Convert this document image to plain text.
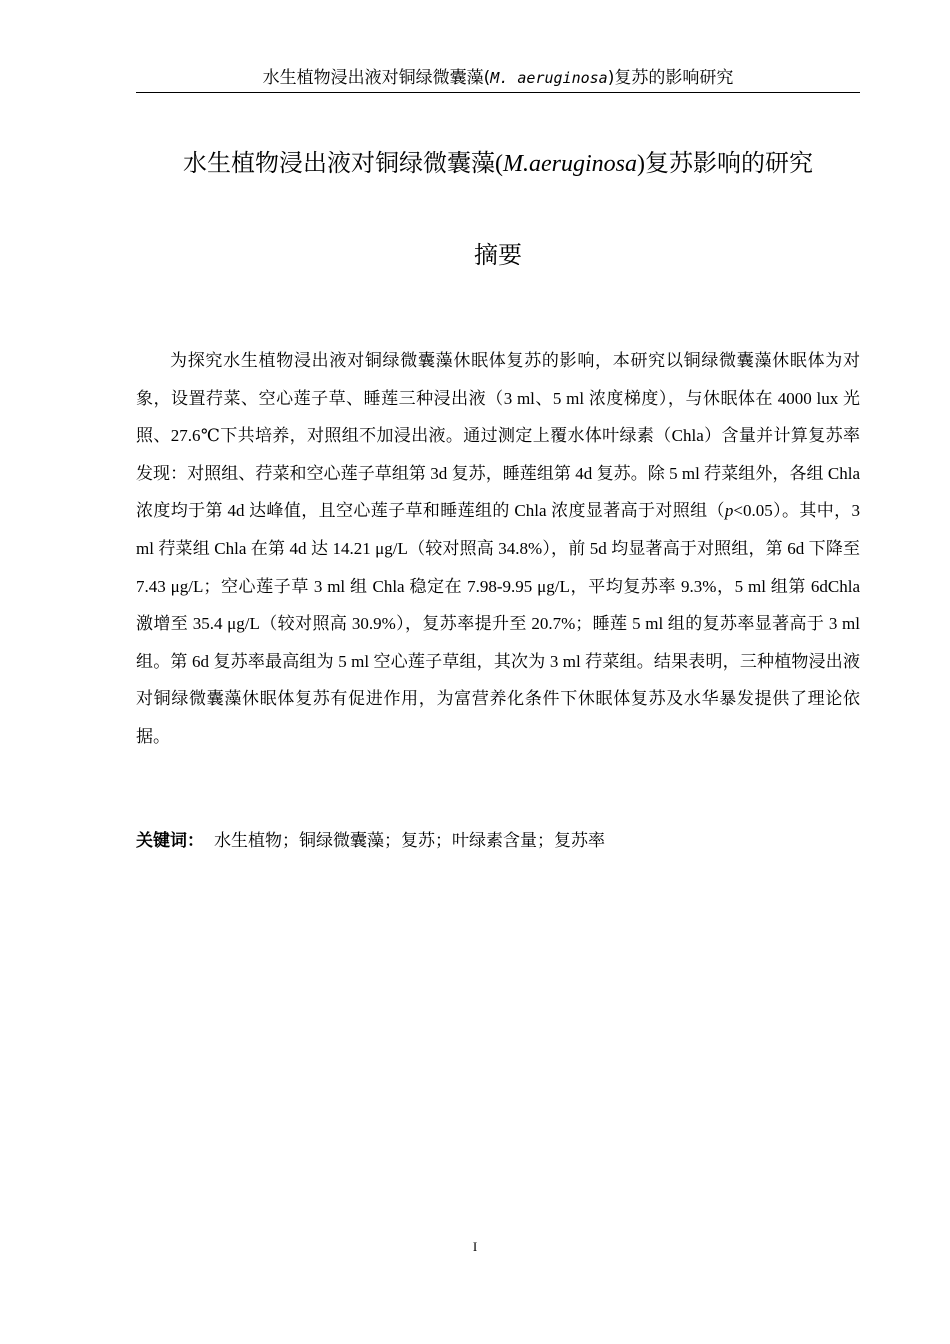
水生植物浸出液对铜绿微囊藻(M. aeruginosa)复苏的影响研究
水生植物浸出液对铜绿微囊藻(M.aeruginosa)复苏影响的研究
摘要

为探究水生植物浸出液对铜绿微囊藻休眠体复苏的影响，本研究以铜绿微囊藻休眠体为对象，设置荇菜、空心莲子草、睡莲三种浸出液（3 ml、5 ml 浓度梯度），与休眠体在 4000 lux 光照、27.6℃下共培养，对照组不加浸出液。通过测定上覆水体叶绿素（Chla）含量并计算复苏率发现：对照组、荇菜和空心莲子草组第 3d 复苏，睡莲组第 4d 复苏。除 5 ml 荇菜组外，各组 Chla 浓度均于第 4d 达峰值，且空心莲子草和睡莲组的 Chla 浓度显著高于对照组（p<0.05）。其中，3 ml 荇菜组 Chla 在第 4d 达 14.21 μg/L（较对照高 34.8%），前 5d 均显著高于对照组，第 6d 下降至 7.43 μg/L；空心莲子草 3 ml 组 Chla 稳定在 7.98-9.95 μg/L，平均复苏率 9.3%，5 ml 组第 6dChla 激增至 35.4 μg/L（较对照高 30.9%），复苏率提升至 20.7%；睡莲 5 ml 组的复苏率显著高于 3 ml 组。第 6d 复苏率最高组为 5 ml 空心莲子草组，其次为 3 ml 荇菜组。结果表明，三种植物浸出液对铜绿微囊藻休眠体复苏有促进作用，为富营养化条件下休眠体复苏及水华暴发提供了理论依据。

关键词： 水生植物；铜绿微囊藻；复苏；叶绿素含量；复苏率
I
